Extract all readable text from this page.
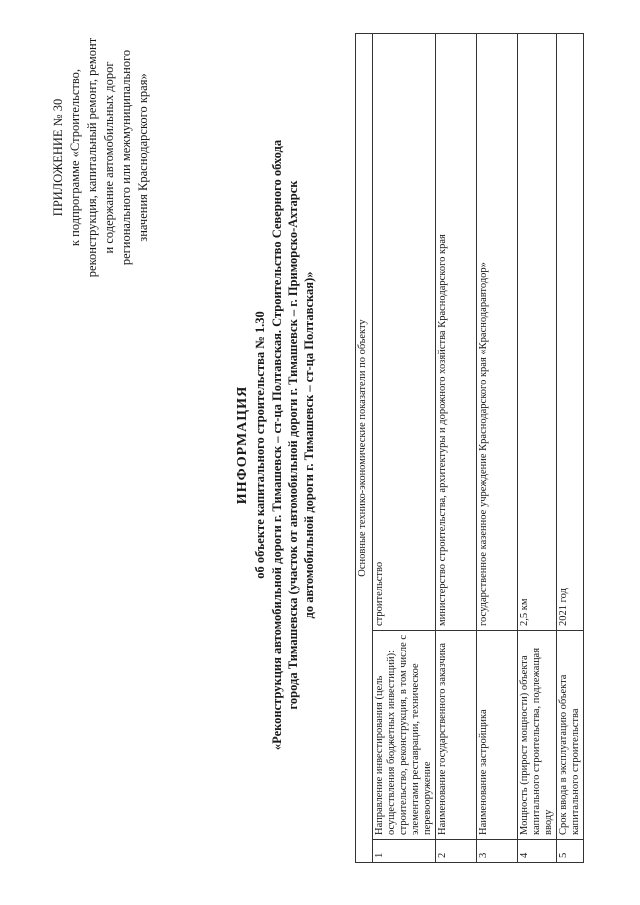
ПРИЛОЖЕНИЕ № 30 к подпрограмме «Строительство, реконструкция, капитальный ремонт, ремонт и содержание автомобильных дорог регионального или межмуниципального значения Краснодарского края»
ИНФОРМАЦИЯ об объекте капитального строительства № 1.30 «Реконструкция автомобильной дороги г. Тимашевск – ст-ца Полтавская. Строительство Северного обхода города Тимашевска (участок от автомобильной дороги г. Тимашевск – г. Приморско-Ахтарск до автомобильной дороги г. Тимашевск – ст-ца Полтавская)»	Основные технико-экономические показатели по объекту		
1	Направление инвестирования (цель осуществления бюджетных инвестиций): строительство, реконструкция, в том числе с элементами реставрации, техническое перевооружение	строительство
2	Наименование государственного заказчика	министерство строительства, архитектуры и дорожного хозяйства Краснодарского края
3	Наименование застройщика	государственное казенное учреждение Краснодарского края «Краснодаравтодор»
4	Мощность (прирост мощности) объекта капитального строительства, подлежащая вводу	2,5 км
5	Срок ввода в эксплуатацию объекта капитального строительства	2021 год
